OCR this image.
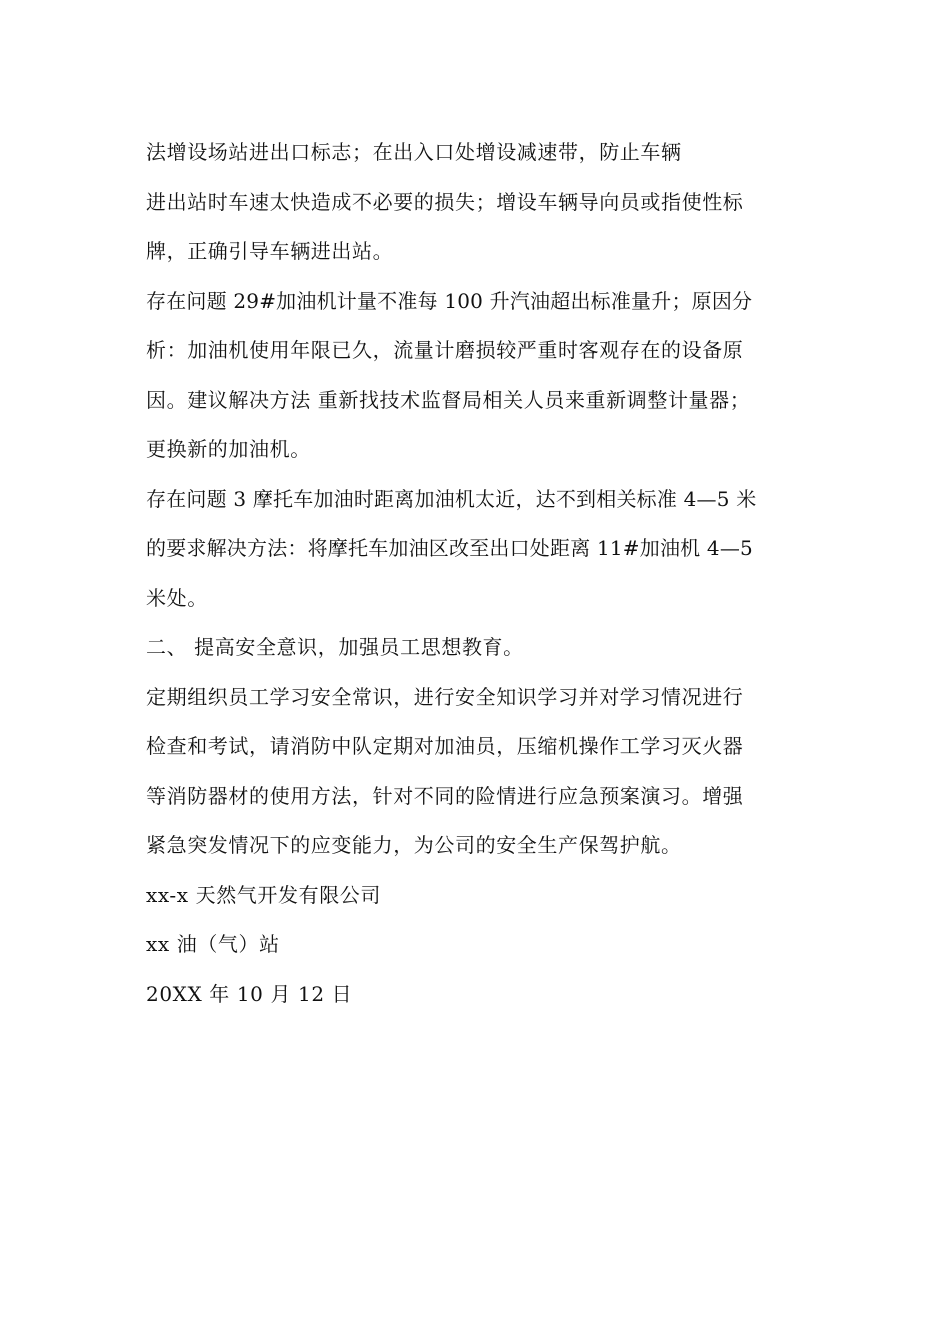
法增设场站进出口标志；在出入口处增设减速带，防止车辆
进出站时车速太快造成不必要的损失；增设车辆导向员或指使性标
牌，正确引导车辆进出站。
存在问题 29#加油机计量不准每 100 升汽油超出标准量升；原因分
析：加油机使用年限已久，流量计磨损较严重时客观存在的设备原
因。建议解决方法 重新找技术监督局相关人员来重新调整计量器；
更换新的加油机。
存在问题 3 摩托车加油时距离加油机太近，达不到相关标准 4—5 米
的要求解决方法：将摩托车加油区改至出口处距离 11#加油机 4—5
米处。
二、 提高安全意识，加强员工思想教育。
定期组织员工学习安全常识，进行安全知识学习并对学习情况进行
检查和考试，请消防中队定期对加油员，压缩机操作工学习灭火器
等消防器材的使用方法，针对不同的险情进行应急预案演习。增强
紧急突发情况下的应变能力，为公司的安全生产保驾护航。
xx-x 天然气开发有限公司
xx 油（气）站
20XX 年 10 月 12 日
